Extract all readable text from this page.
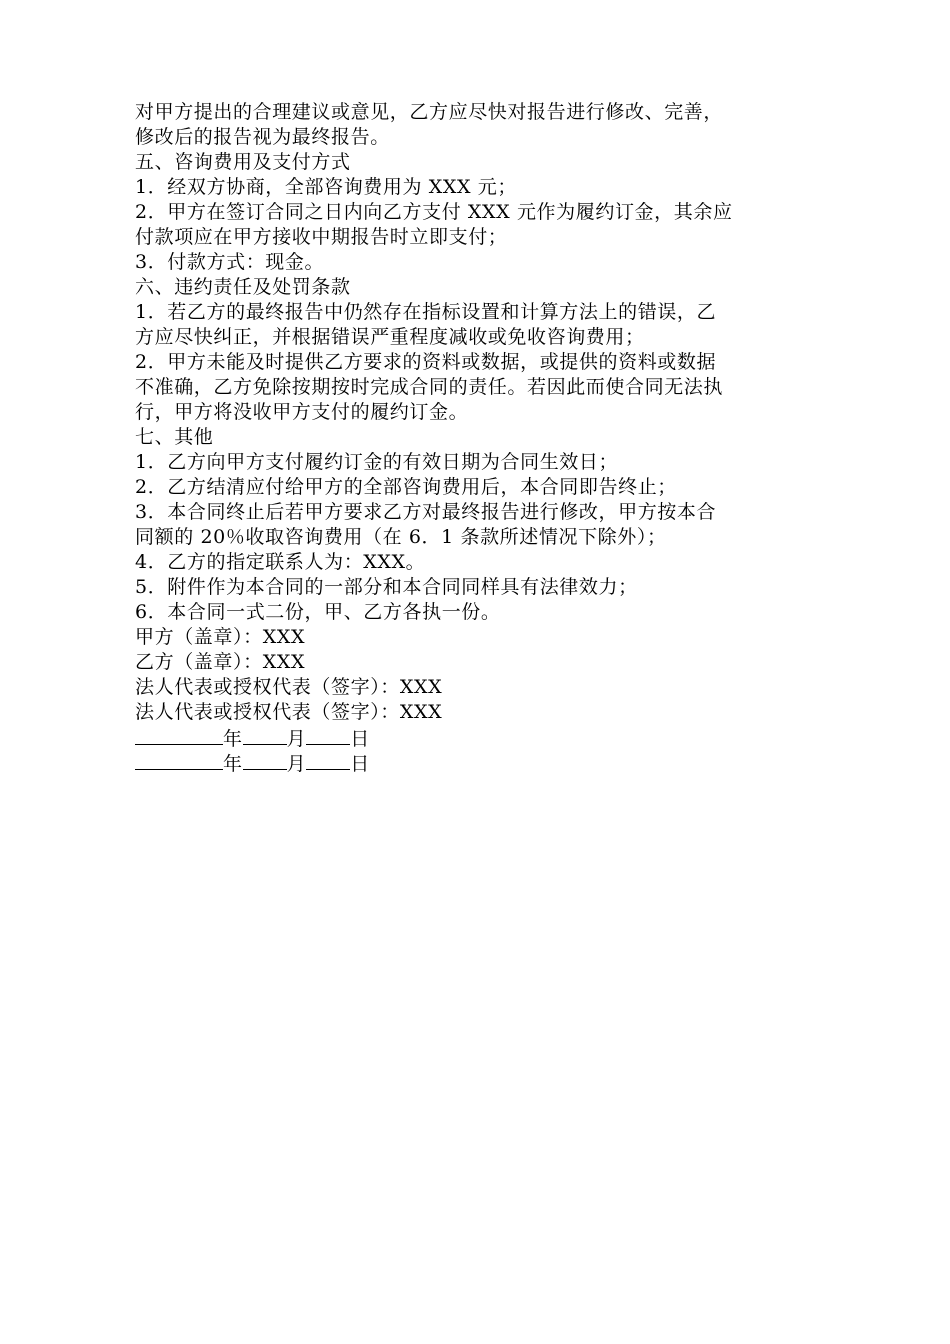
对甲方提出的合理建议或意见，乙方应尽快对报告进行修改、完善，
修改后的报告视为最终报告。
五、咨询费用及支付方式
1．经双方协商，全部咨询费用为 XXX 元；
2．甲方在签订合同之日内向乙方支付 XXX 元作为履约订金，其余应
付款项应在甲方接收中期报告时立即支付；
3．付款方式：现金。
六、违约责任及处罚条款
1．若乙方的最终报告中仍然存在指标设置和计算方法上的错误，乙
方应尽快纠正，并根据错误严重程度减收或免收咨询费用；
2．甲方未能及时提供乙方要求的资料或数据，或提供的资料或数据
不准确，乙方免除按期按时完成合同的责任。若因此而使合同无法执
行，甲方将没收甲方支付的履约订金。
七、其他
1．乙方向甲方支付履约订金的有效日期为合同生效日；
2．乙方结清应付给甲方的全部咨询费用后，本合同即告终止；
3．本合同终止后若甲方要求乙方对最终报告进行修改，甲方按本合
同额的 20％收取咨询费用（在 6．1 条款所述情况下除外）；
4．乙方的指定联系人为：XXX。
5．附件作为本合同的一部分和本合同同样具有法律效力；
6．本合同一式二份，甲、乙方各执一份。
甲方（盖章）：XXX
乙方（盖章）：XXX
法人代表或授权代表（签字）：XXX
法人代表或授权代表（签字）：XXX
年 月 日
年 月 日
